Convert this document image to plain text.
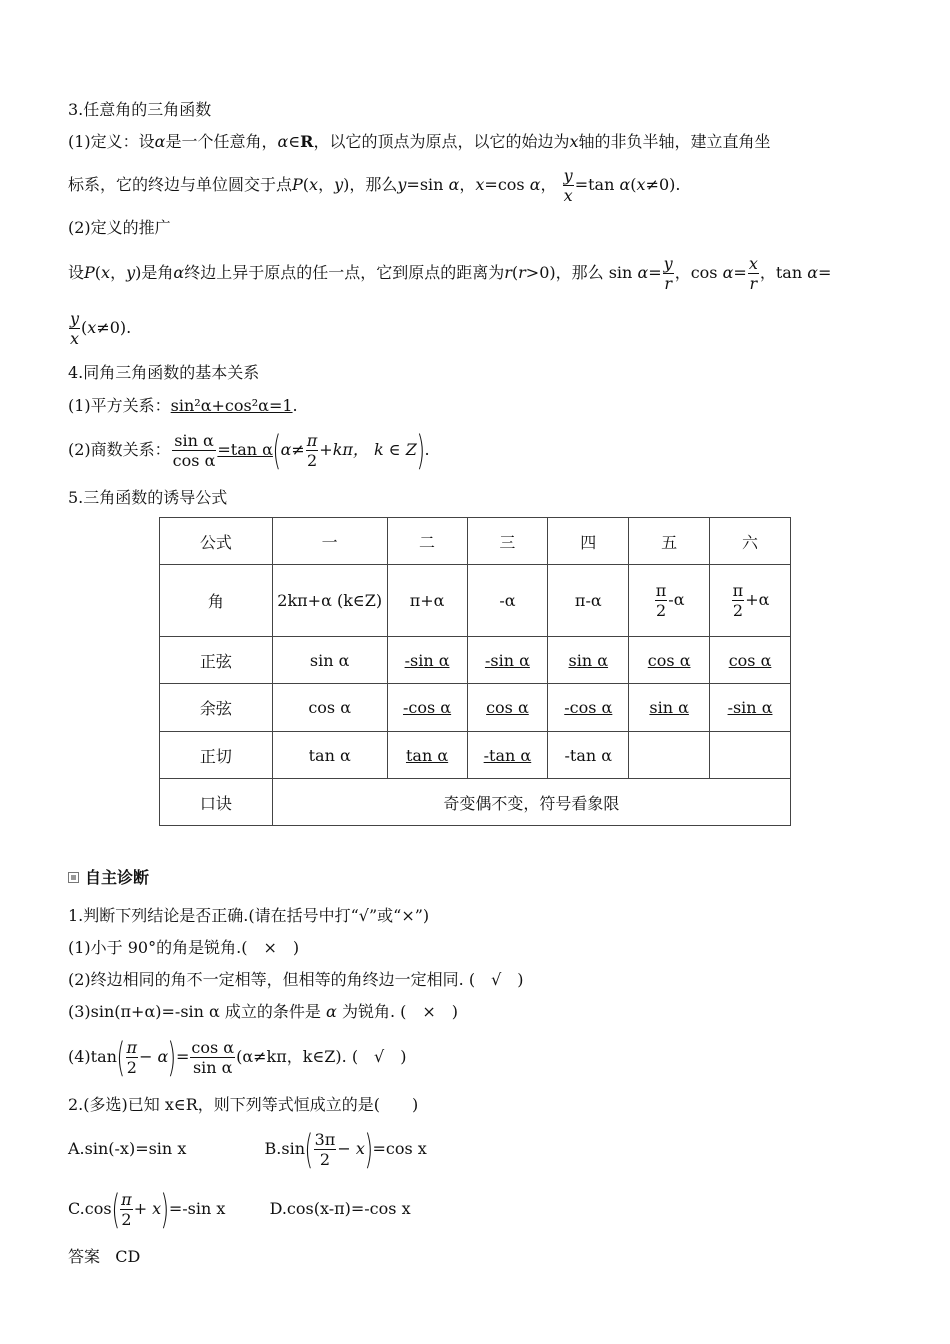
3.任意角的三角函数
(1)定义：设α是一个任意角，α∈R，以它的顶点为原点，以它的始边为x轴的非负半轴，建立直角坐
标系，它的终边与单位圆交于点P(x，y)，那么y=sin α，x=cos α， $\frac{y}{x} =\tan$ α(x≠0).
(2)定义的推广
设P(x，y)是角α终边上异于原点的任一点，它到原点的距离为r(r>0)，那么 $\sin \alpha= \frac{y}{r}$ ，$\cos \alpha= \frac{x}{r}$ ，tan α=
$\frac{y}{x} (x\ne 0)$.
4.同角三角函数的基本关系
(1)平方关系：sin²α+cos²α=1.
(2)商数关系： $\frac{\text{sin α}}{\text{cos α}} =\tan$ $\alpha(\alpha\ne \frac{\pi}{2} +k\pi$， k ∈ Z).
5.三角函数的诱导公式
公式	一	二	三	四	五	六
角	2kπ+α (k∈Z)	π+α	-α	π-α	$\frac{\pi}{2} -\alpha$	$\frac{\pi}{2} +\alpha$
正弦	sin α	-sin α	-sin α	sin α	cos α	cos α
余弦	cos α	-cos α	cos α	-cos α	sin α	-sin α
正切	tan α	tan α	-tan α	-tan α		
口诀	奇变偶不变，符号看象限					
自主诊断
1.判断下列结论是否正确.(请在括号中打“√”或“×”)
(1)小于 90°的角是锐角.(　×　)
(2)终边相同的角不一定相等，但相等的角终边一定相同. (　√　)
(3)sin(π+α)=-sin α 成立的条件是 α 为锐角. (　×　)
$(4)\tan( \frac{\pi}{2} - \alpha)= \frac{\text{cos α}}{\text{sin α}} (\alpha\ne k\pi$，k∈Z). (　√　)
2.(多选)已知 x∈R，则下列等式恒成立的是(　　)
A.sin(-x)=sin x	$B.\sin( \frac{3\pi}{2} - x)=\cos$ x
$C.\cos( \frac{\pi}{2} + x)=-\sin$ x	D.cos(x-π)=-cos x
答案 CD
